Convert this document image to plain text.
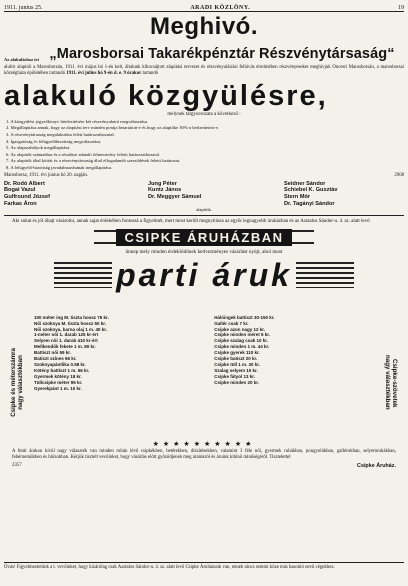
1911. junius 25.	ARADI KÖZLÖNY.	19
Meghivó.
Az alakuláshoz irt „Marosborsai Takarékpénztár Részvénytársaság“
alulirt alapitói a Marosborsán, 1911. évi május hó 1-én kelt, általunk kibocsájtott alapitási tervezet és részvényaláirási felhivás értelmében részvényeseket meghivjuk Oncesti Marosborsán, a marosborsai községháza épületében tartandó 1911. évi julius hó 9-én d. e. 9 órakor tartandó
alakuló közgyülésre,
melynek tárgysorozata a következő :
1. A közgyülési jegyzőkönyv hitelesitésére két részvényalairó megválasztása.
2. Megállapitása annak, hogy az alapitási terv minden pontja betartatott-e és hogy az alaptőke 30%-a befizettetett-e.
3. A részvénytársaság megalakulása felett határozathozatal.
4. Igazgatóság és felügyelőbizottság megválasztása.
5. Az alapszabályok megállapitása.
6. Az alapitók számadása és a részükre adandó felmentvény feletti határozathozatal.
7. Az alapitók által kötött és a részvénytársaság által elfogadandó szerződések feletti határozat.
8. A felügyelő-bizottság javadalmazásának megállapitása.
Marosborsa, 1911. évi junius hó 20. napján.	2908
Dr. Rodó Albert
Bogai Vazul
Gulfround József
Farkas Áron
Jung Péter
Kuntz János
Dr. Meggyer Sámuel
Seidner Sándor
Schiebel K. Gusztáv
Stern Mór
Dr. Tagányi Sándor
alapitók.
Aki sokat és jól óhajt vásárolni, annak sajat érdekében fontossá a figyelmét, mert most került megnyitásra az egyik legnagyobb áruházban és az Asztalos Sándor-u. 4. sz. alatt levő
CSIPKE ÁRUHÁZBAN
ünnep mely minden érdeklődőnek kedvezményes vásárlást nyújt, ahol most
parti áruk
Csipke és méterszámra
nagy választékban	Csipke-szövetek
nagy választékban
100 méter ing M. tiszta hossz 75 kr.
Női szoknya M. tiszta hossz 50 kr.
Női szoknya, barna olaj 1 m. 40 kr.
1-méter női 1. darab 125 kr-ért
Selyem női 1. darab 410 kr-ért
Mellkendők fekete 1 m. 80 kr.
Battiszt női 59 kr.
Batiszt színes 66 kr.
Szoknyapántlika 0.58 kr.
Kötény battiszt 1 m. 56 kr.
Gyermek kötény 18 kr.
Tüllcsipke méter 95 kr.
Gyerekpánt 1 m. 10 kr.
Hálóingek battiszt 30-150 kr.
Gallér csak 7 kr.
Csipke azon nagy 12 kr.
Csipke minden méret 5 kr.
Csipke szalag csak 10 kr.
Csipke minden 1 m. 44 kr.
Csipke gyerek 110 kr.
Csipke batiszt 20 kr.
Csipke tüll 1 m. 30 kr.
Szalag selyem 10 kr.
Csipke fátyol 13 kr.
Csipke minden 20 kr.
★★★★★★★★★★
A fenti árakon kívül nagy választék van minden ruhán lévő csipkékben, betétekben, díszítésekben, valamint 3 féle női, gyermek ruhákban, pongyolákban, gallérokban, selyemruhákban, fehérneműkben és blúzokban. Kérjük tisztelt vevőinket, hogy vásárlás előtt győződjenek meg árainkról és áruink kitűnő minőségéről. Tisztelettel
2357	Csipke Áruház.
Óvás! Figyelmeztetünk a t. vevőinket, hogy kizárólag csak Asztalos Sándor-u. 4. sz. alatt levő Csipke Áruházunk van, ennek nincs semmi köze más hasonló nevű cégekhez.
